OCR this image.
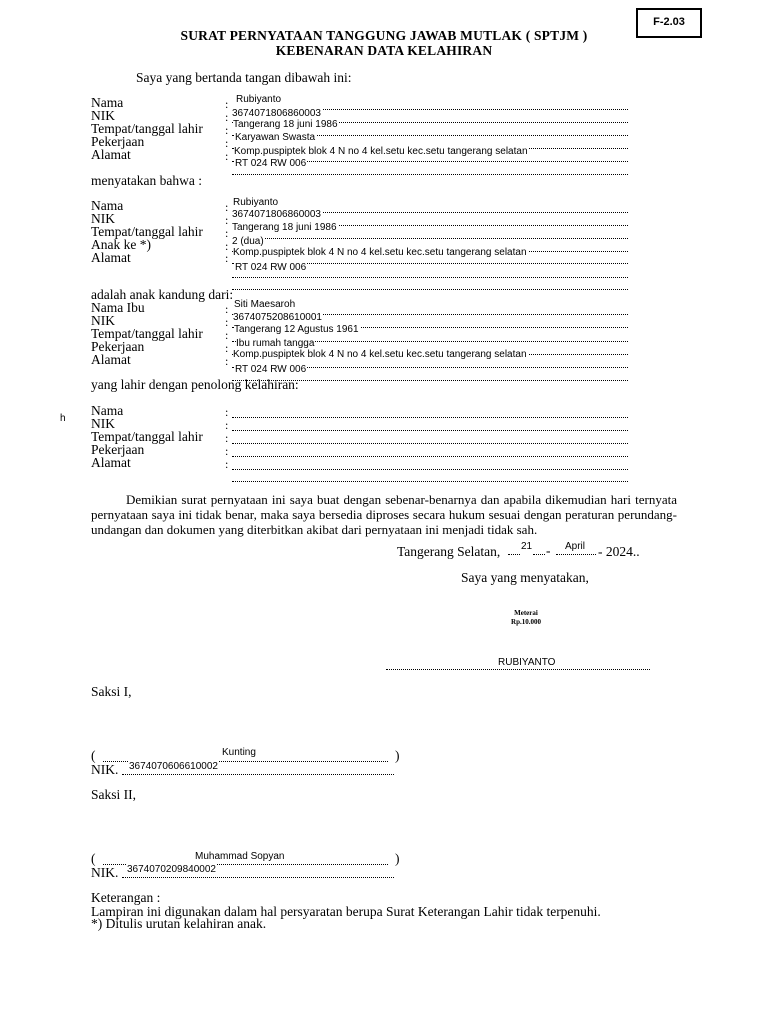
F-2.03
SURAT PERNYATAAN TANGGUNG JAWAB MUTLAK ( SPTJM )
KEBENARAN DATA KELAHIRAN
Saya yang bertanda tangan dibawah ini:
Nama	: Rubiyanto
NIK	: 3674071806860003
Tempat/tanggal lahir : Tangerang 18 juni 1986
Pekerjaan	: Karyawan Swasta
Alamat	: Komp.puspiptek blok 4 N no 4 kel.setu kec.setu tangerang selatan
RT 024 RW 006
menyatakan bahwa :
Nama	: Rubiyanto
NIK	: 3674071806860003
Tempat/tanggal lahir : Tangerang 18 juni 1986
Anak ke *)	: 2 (dua)
Alamat	: Komp.puspiptek blok 4 N no 4 kel.setu kec.setu tangerang selatan
RT 024 RW 006
adalah anak kandung dari:
Nama Ibu	: Siti Maesaroh
NIK	: 3674075208610001
Tempat/tanggal lahir : Tangerang 12 Agustus 1961
Pekerjaan	: Ibu rumah tangga
Alamat	: Komp.puspiptek blok 4 N no 4 kel.setu kec.setu tangerang selatan
RT 024 RW 006
yang lahir dengan penolong kelahiran:
h
Nama	:
NIK	:
Tempat/tanggal lahir :
Pekerjaan	:
Alamat	:
Demikian surat pernyataan ini saya buat dengan sebenar-benarnya dan apabila dikemudian hari ternyata pernyataan saya ini tidak benar, maka saya bersedia diproses secara hukum sesuai dengan peraturan perundang-undangan dan dokumen yang diterbitkan akibat dari pernyataan ini menjadi tidak sah.
Tangerang Selatan, 21 - April - 2024..
Saya yang menyatakan,
Meterai
Rp.10.000
RUBIYANTO
Saksi I,
(	Kunting	)
NIK. 3674070606610002
Saksi II,
(	Muhammad Sopyan	)
NIK. 3674070209840002
Keterangan :
Lampiran ini digunakan dalam hal persyaratan berupa Surat Keterangan Lahir tidak terpenuhi.
*) Ditulis urutan kelahiran anak.
